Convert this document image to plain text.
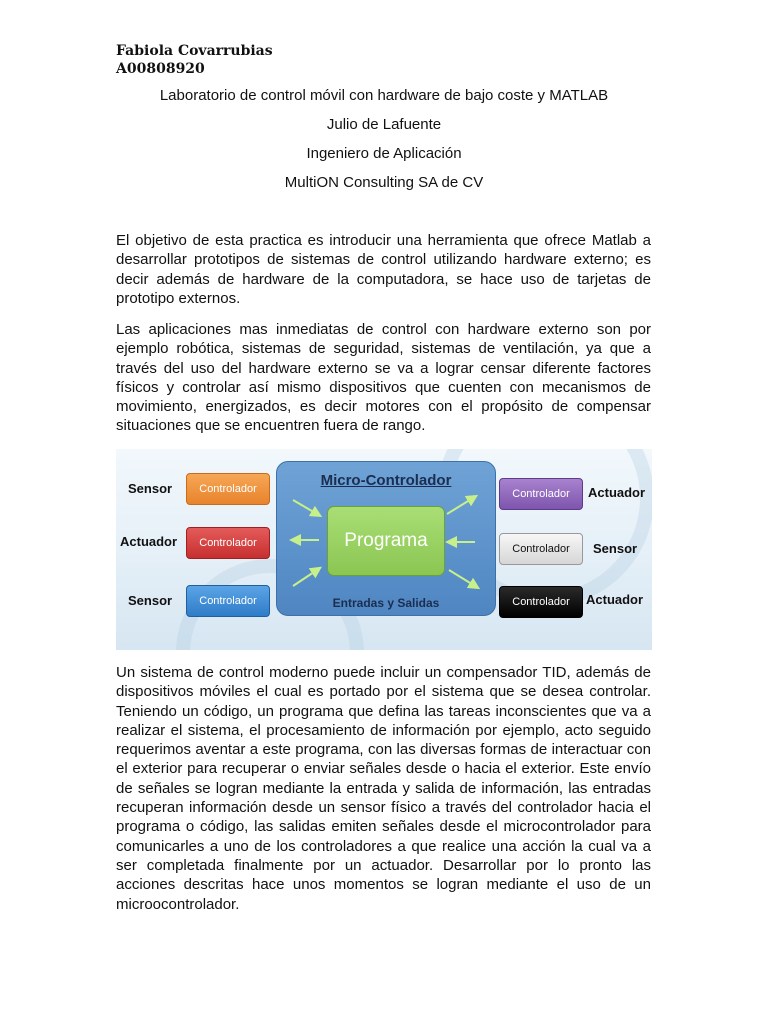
Fabiola Covarrubias
A00808920
Laboratorio de control móvil con hardware de bajo coste y MATLAB
Julio de Lafuente
Ingeniero de Aplicación
MultiON Consulting SA de CV
El objetivo de esta practica es introducir una herramienta que ofrece Matlab a desarrollar prototipos de sistemas de control utilizando hardware externo; es decir además de hardware de la computadora, se hace uso de tarjetas de prototipo externos.
Las aplicaciones mas inmediatas de control con hardware externo son por ejemplo robótica, sistemas de seguridad, sistemas de ventilación, ya que a través del uso del hardware externo se va a lograr censar diferente factores físicos y controlar así mismo dispositivos que cuenten con mecanismos de movimiento, energizados, es decir motores con el propósito de compensar situaciones que se encuentren fuera de rango.
Sensor	Controlador
Actuador	Controlador
Sensor	Controlador
Micro-Controlador
Programa
Entradas y Salidas
Controlador	Actuador
Controlador	Sensor
Controlador	Actuador
Un sistema de control moderno puede incluir un compensador TID, además de dispositivos móviles el cual es portado por el sistema que se desea controlar. Teniendo un código, un programa que defina las tareas inconscientes que va a realizar el sistema, el procesamiento de información por ejemplo, acto seguido requerimos aventar a este programa, con las diversas formas de interactuar con el exterior para recuperar o enviar señales desde o hacia el exterior. Este envío de señales se logran mediante la entrada y salida de información, las entradas recuperan información desde un sensor físico a través del controlador hacia el programa o código, las salidas emiten señales desde el microcontrolador para comunicarles a uno de los controladores a que realice una acción la cual va a ser completada finalmente por un actuador. Desarrollar por lo pronto las acciones descritas hace unos momentos se logran mediante el uso de un microocontrolador.
